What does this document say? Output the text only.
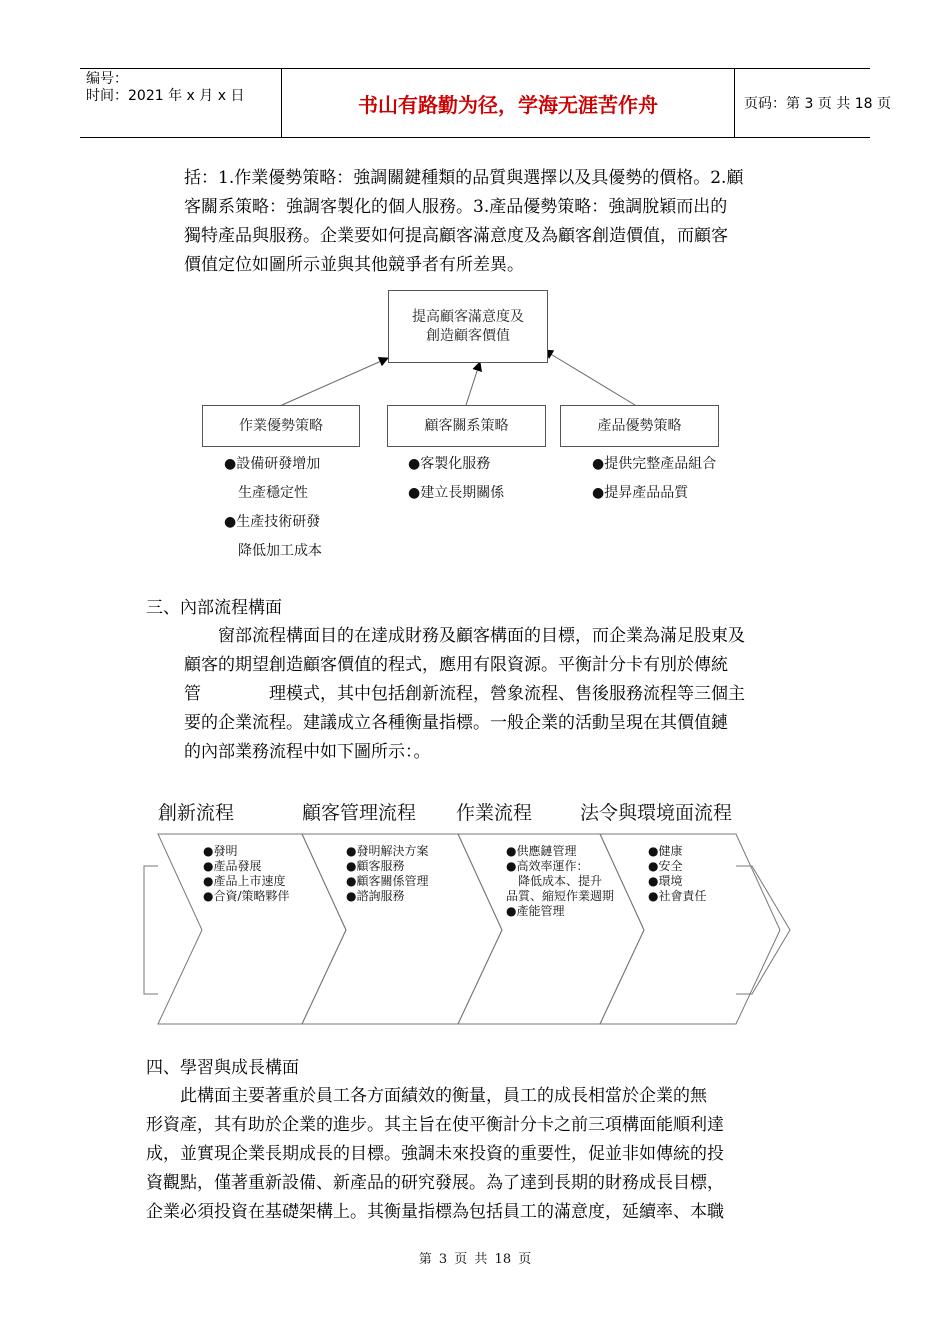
编号：
时间：2021 年 x 月 x 日	书山有路勤为径，学海无涯苦作舟	页码：第 3 页 共 18 页

括：1.作業優勢策略：強調關鍵種類的品質與選擇以及具優勢的價格。2.顧

客關系策略：強調客製化的個人服務。3.產品優勢策略：強調脫穎而出的

獨特產品與服務。企業要如何提高顧客滿意度及為顧客創造價值，而顧客

價值定位如圖所示並與其他競爭者有所差異。

提高顧客滿意度及
創造顧客價值
作業優勢策略	顧客關系策略	產品優勢策略
●設備研發增加
　生產穩定性
●生產技術研發
　降低加工成本
●客製化服務
●建立長期關係
●提供完整產品組合
●提昇產品品質
三、內部流程構面

　　窗部流程構面目的在達成財務及顧客構面的目標，而企業為滿足股東及

顧客的期望創造顧客價值的程式，應用有限資源。平衡計分卡有別於傳統

管　　　　理模式，其中包括創新流程，營象流程、售後服務流程等三個主

要的企業流程。建議成立各種衡量指標。一般企業的活動呈現在其價值鏈

的內部業務流程中如下圖所示：。

創新流程	顧客管理流程 作業流程	法令與環境面流程
●發明
●產品發展
●產品上市速度
●合資/策略夥伴
●發明解決方案
●顧客服務
●顧客關係管理
●諮詢服務
●供應鏈管理
●高效率運作：
　降低成本、提升
品質、縮短作業週期
●產能管理
●健康
●安全
●環境
●社會責任
四、學習與成長構面

　　此構面主要著重於員工各方面績效的衡量，員工的成長相當於企業的無

形資產，其有助於企業的進步。其主旨在使平衡計分卡之前三項構面能順利達

成，並實現企業長期成長的目標。強調未來投資的重要性，促並非如傳統的投

資觀點，僅著重新設備、新產品的研究發展。為了達到長期的財務成長目標，

企業必須投資在基礎架構上。其衡量指標為包括員工的滿意度，延續率、本職

第 3 页 共 18 页
